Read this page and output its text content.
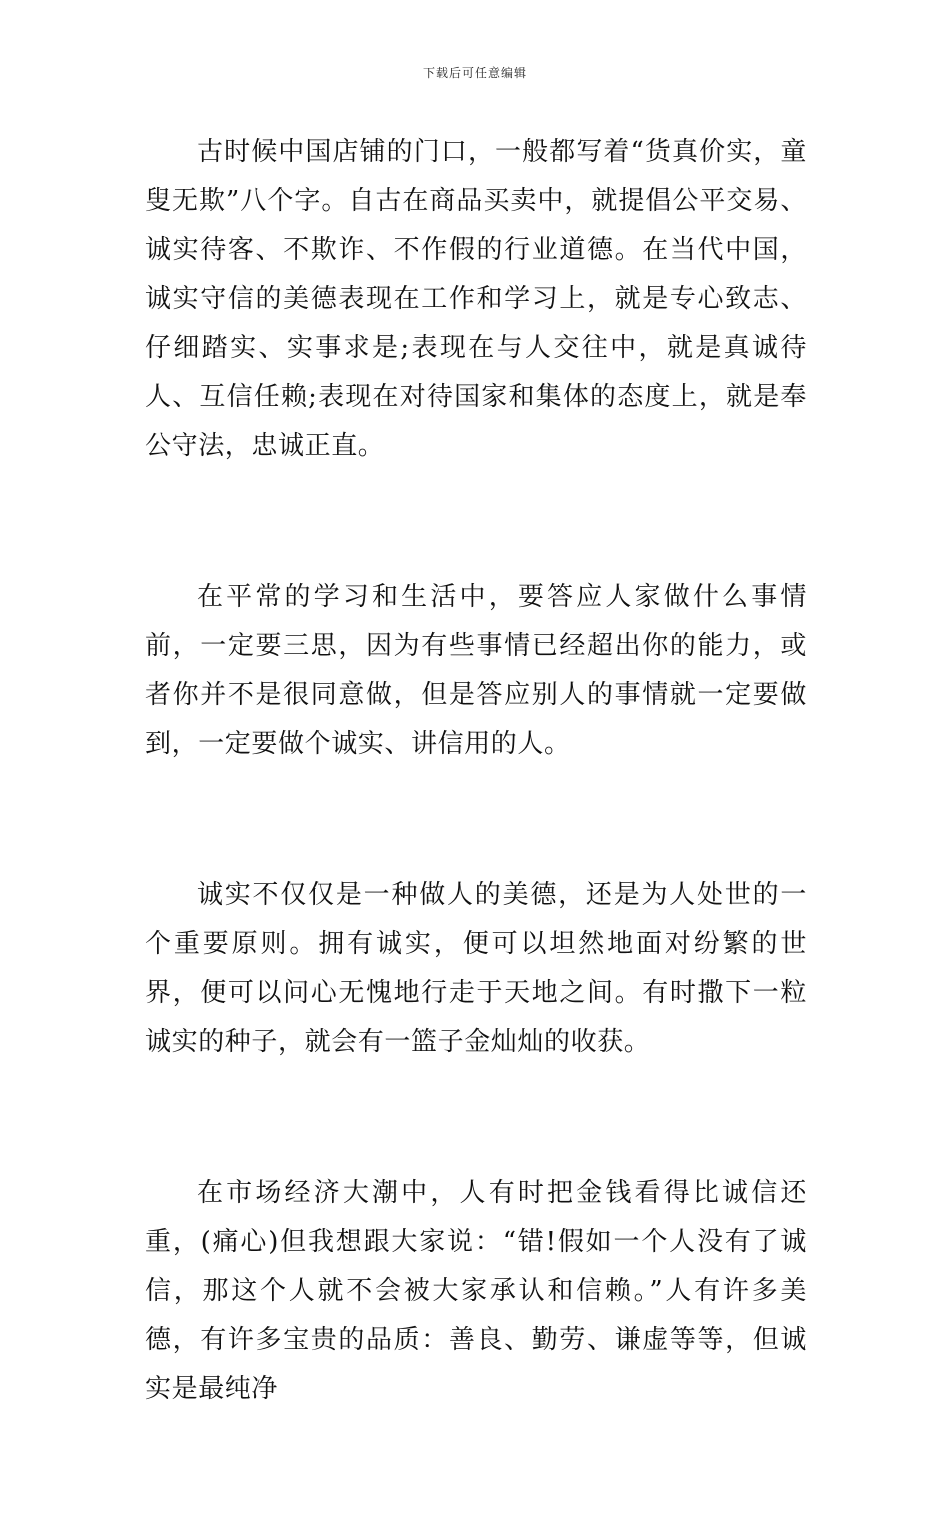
下载后可任意编辑

古时候中国店铺的门口，一般都写着“货真价实，童叟无欺”八个字。自古在商品买卖中，就提倡公平交易、诚实待客、不欺诈、不作假的行业道德。在当代中国，诚实守信的美德表现在工作和学习上，就是专心致志、仔细踏实、实事求是;表现在与人交往中，就是真诚待人、互信任赖;表现在对待国家和集体的态度上，就是奉公守法，忠诚正直。

在平常的学习和生活中，要答应人家做什么事情前，一定要三思，因为有些事情已经超出你的能力，或者你并不是很同意做，但是答应别人的事情就一定要做到，一定要做个诚实、讲信用的人。

诚实不仅仅是一种做人的美德，还是为人处世的一个重要原则。拥有诚实，便可以坦然地面对纷繁的世界，便可以问心无愧地行走于天地之间。有时撒下一粒诚实的种子，就会有一篮子金灿灿的收获。

在市场经济大潮中，人有时把金钱看得比诚信还重，(痛心)但我想跟大家说：“错!假如一个人没有了诚信，那这个人就不会被大家承认和信赖。”人有许多美德，有许多宝贵的品质：善良、勤劳、谦虚等等，但诚实是最纯净
